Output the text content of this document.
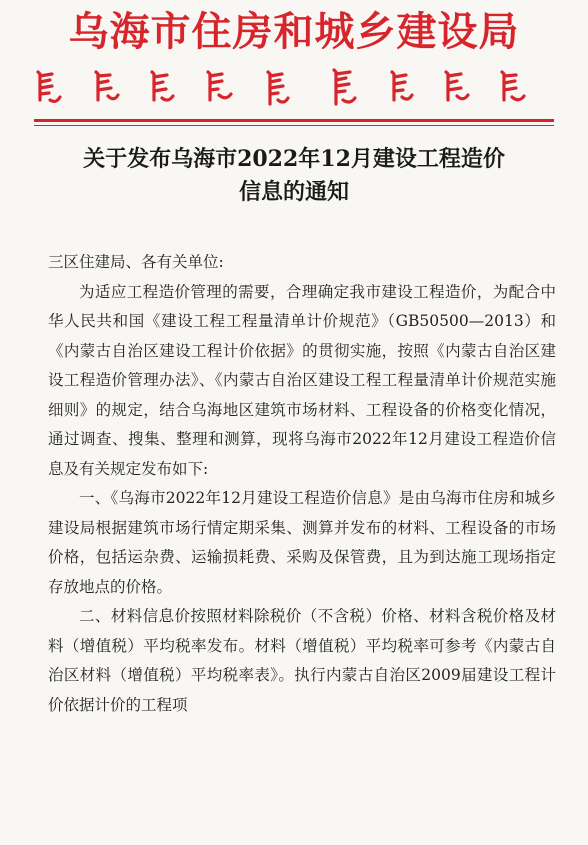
乌海市住房和城乡建设局
关于发布乌海市2022年12月建设工程造价
信息的通知

三区住建局、各有关单位:

为适应工程造价管理的需要，合理确定我市建设工程造价，为配合中华人民共和国《建设工程工程量清单计价规范》（GB50500—2013）和《内蒙古自治区建设工程计价依据》的贯彻实施，按照《内蒙古自治区建设工程造价管理办法》、《内蒙古自治区建设工程工程量清单计价规范实施细则》的规定，结合乌海地区建筑市场材料、工程设备的价格变化情况，通过调查、搜集、整理和测算，现将乌海市2022年12月建设工程造价信息及有关规定发布如下:

一、《乌海市2022年12月建设工程造价信息》是由乌海市住房和城乡建设局根据建筑市场行情定期采集、测算并发布的材料、工程设备的市场价格，包括运杂费、运输损耗费、采购及保管费，且为到达施工现场指定存放地点的价格。

二、材料信息价按照材料除税价（不含税）价格、材料含税价格及材料（增值税）平均税率发布。材料（增值税）平均税率可参考《内蒙古自治区材料（增值税）平均税率表》。执行内蒙古自治区2009届建设工程计价依据计价的工程项
